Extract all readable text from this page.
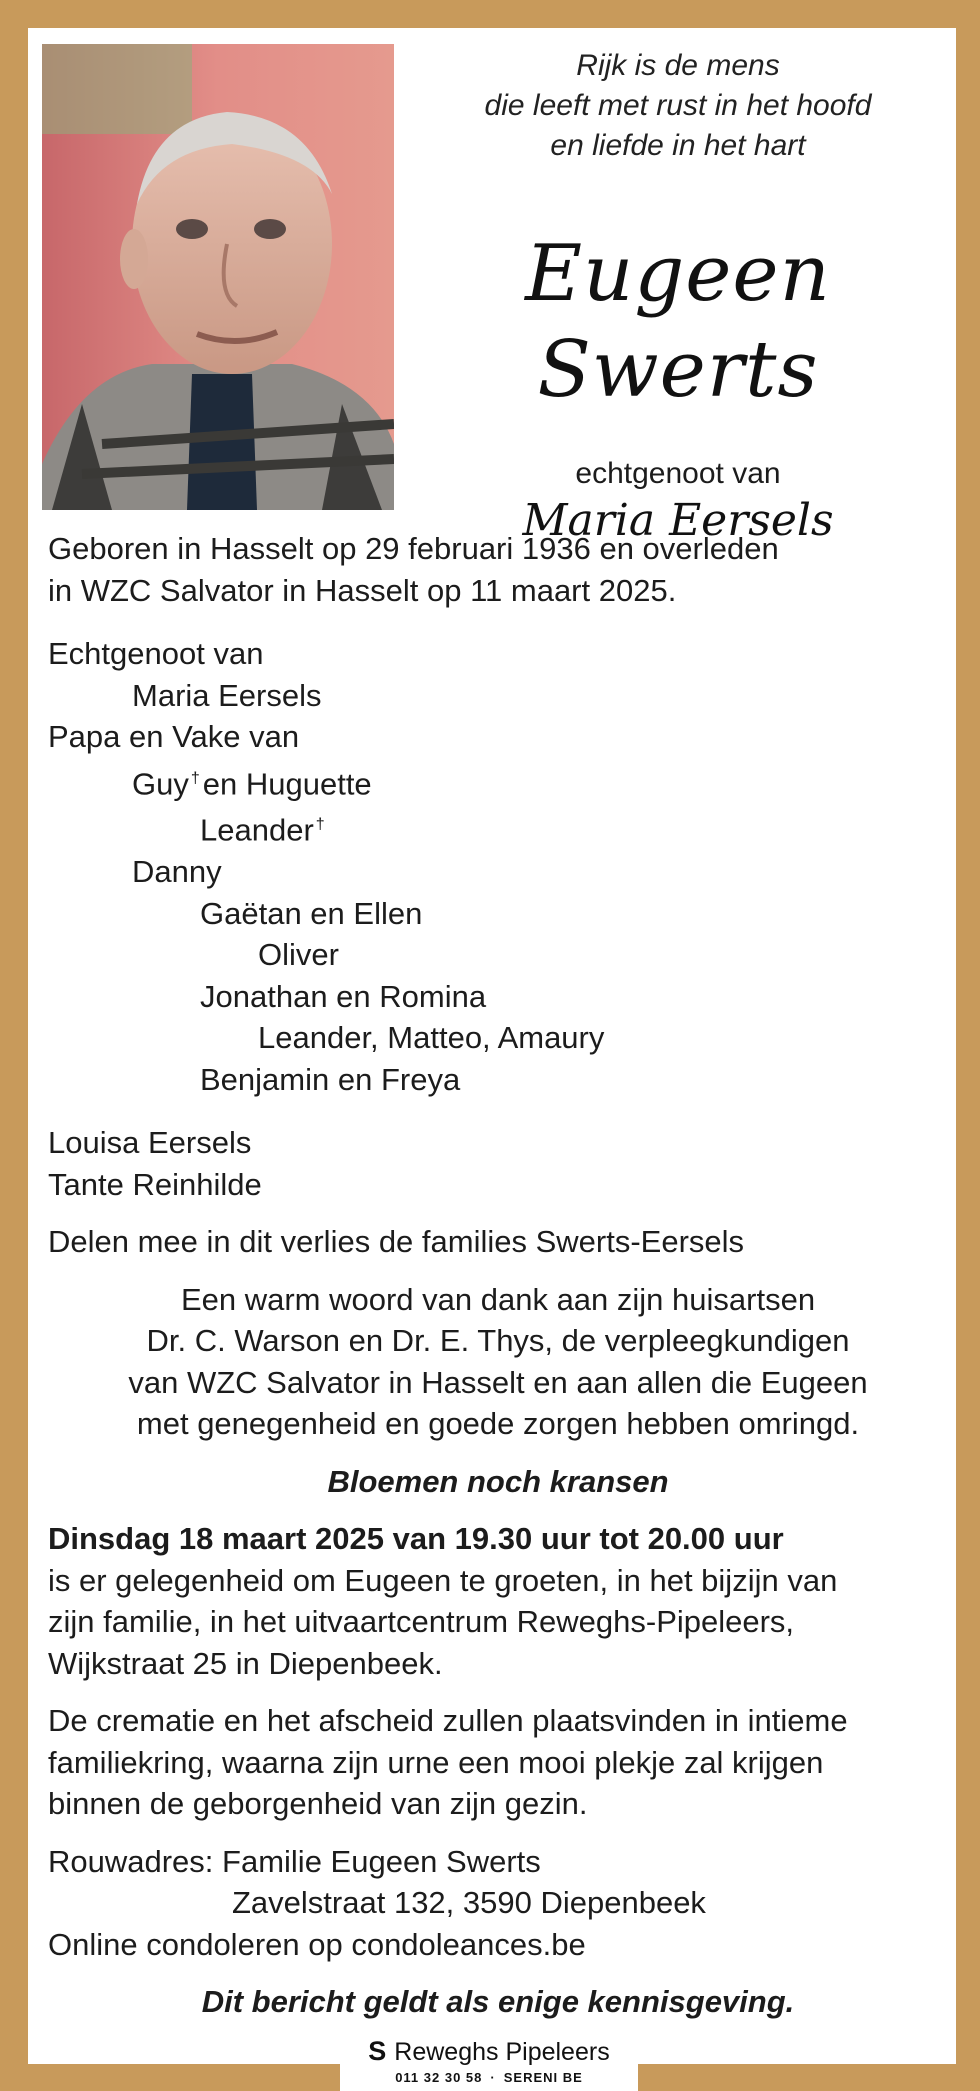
Rijk is de mens
die leeft met rust in het hoofd
en liefde in het hart
Eugeen Swerts
echtgenoot van
Maria Eersels
Geboren in Hasselt op 29 februari 1936 en overleden
in WZC Salvator in Hasselt op 11 maart 2025.
Echtgenoot van
Maria Eersels
Papa en Vake van
Guy †en Huguette
Leander †
Danny
Gaëtan en Ellen
Oliver
Jonathan en Romina
Leander, Matteo, Amaury
Benjamin en Freya
Louisa Eersels
Tante Reinhilde
Delen mee in dit verlies de families Swerts-Eersels
Een warm woord van dank aan zijn huisartsen
Dr. C. Warson en Dr. E. Thys, de verpleegkundigen
van WZC Salvator in Hasselt en aan allen die Eugeen
met genegenheid en goede zorgen hebben omringd.
Bloemen noch kransen
Dinsdag 18 maart 2025 van 19.30 uur tot 20.00 uur
is er gelegenheid om Eugeen te groeten, in het bijzijn van
zijn familie, in het uitvaartcentrum Reweghs-Pipeleers,
Wijkstraat 25 in Diepenbeek.
De crematie en het afscheid zullen plaatsvinden in intieme
familiekring, waarna zijn urne een mooi plekje zal krijgen
binnen de geborgenheid van zijn gezin.
Rouwadres: Familie Eugeen Swerts
Zavelstraat 132, 3590 Diepenbeek
Online condoleren op condoleances.be
Dit bericht geldt als enige kennisgeving.
S Reweghs Pipeleers
011 32 30 58 · SERENI BE
